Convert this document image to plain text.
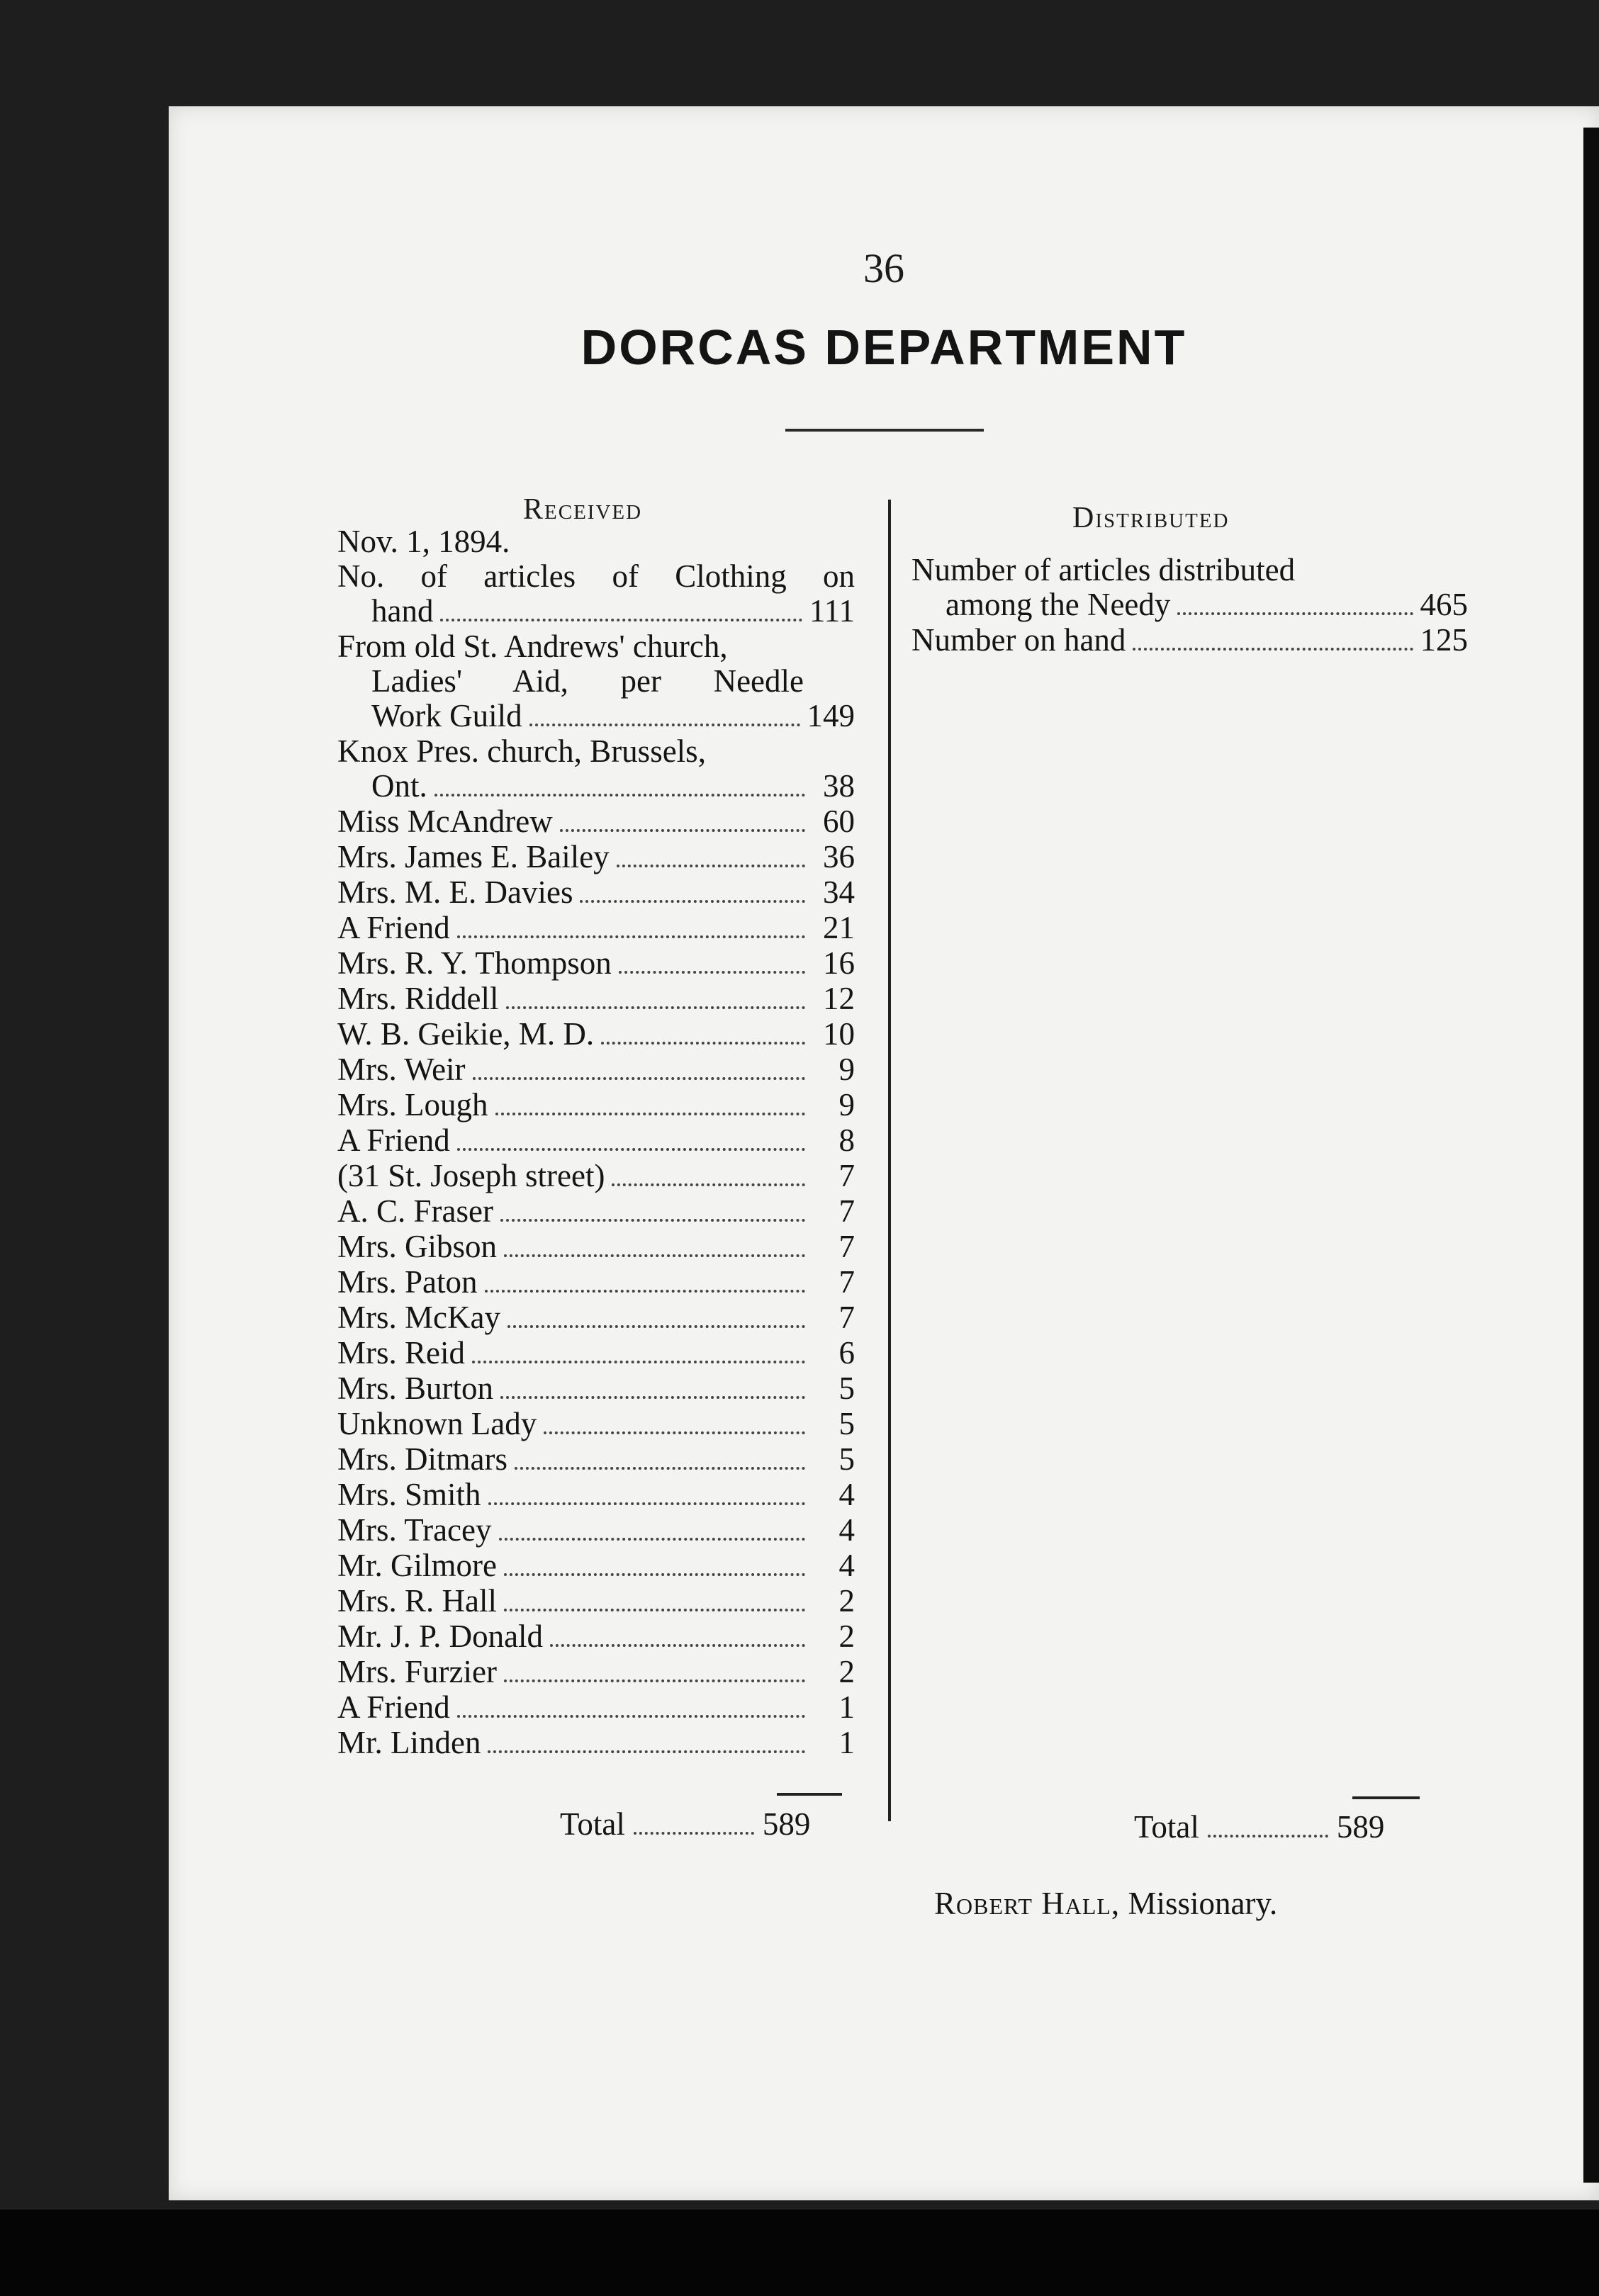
36
DORCAS DEPARTMENT
Received	Distributed
Nov. 1, 1894.
No. of articles of Clothing on
hand	111
From old St. Andrews' church,
Ladies' Aid, per Needle
Work Guild	149
Knox Pres. church, Brussels,
Ont.	38
Miss McAndrew	60
Mrs. James E. Bailey	36
Mrs. M. E. Davies	34
A Friend	21
Mrs. R. Y. Thompson	16
Mrs. Riddell	12
W. B. Geikie, M. D.	10
Mrs. Weir	9
Mrs. Lough	9
A Friend	8
(31 St. Joseph street)	7
A. C. Fraser	7
Mrs. Gibson	7
Mrs. Paton	7
Mrs. McKay	7
Mrs. Reid	6
Mrs. Burton	5
Unknown Lady	5
Mrs. Ditmars	5
Mrs. Smith	4
Mrs. Tracey	4
Mr. Gilmore	4
Mrs. R. Hall	2
Mr. J. P. Donald	2
Mrs. Furzier	2
A Friend	1
Mr. Linden	1
Total	589
Number of articles distributed
among the Needy	465
Number on hand	125
Total	589
Robert Hall, Missionary.
